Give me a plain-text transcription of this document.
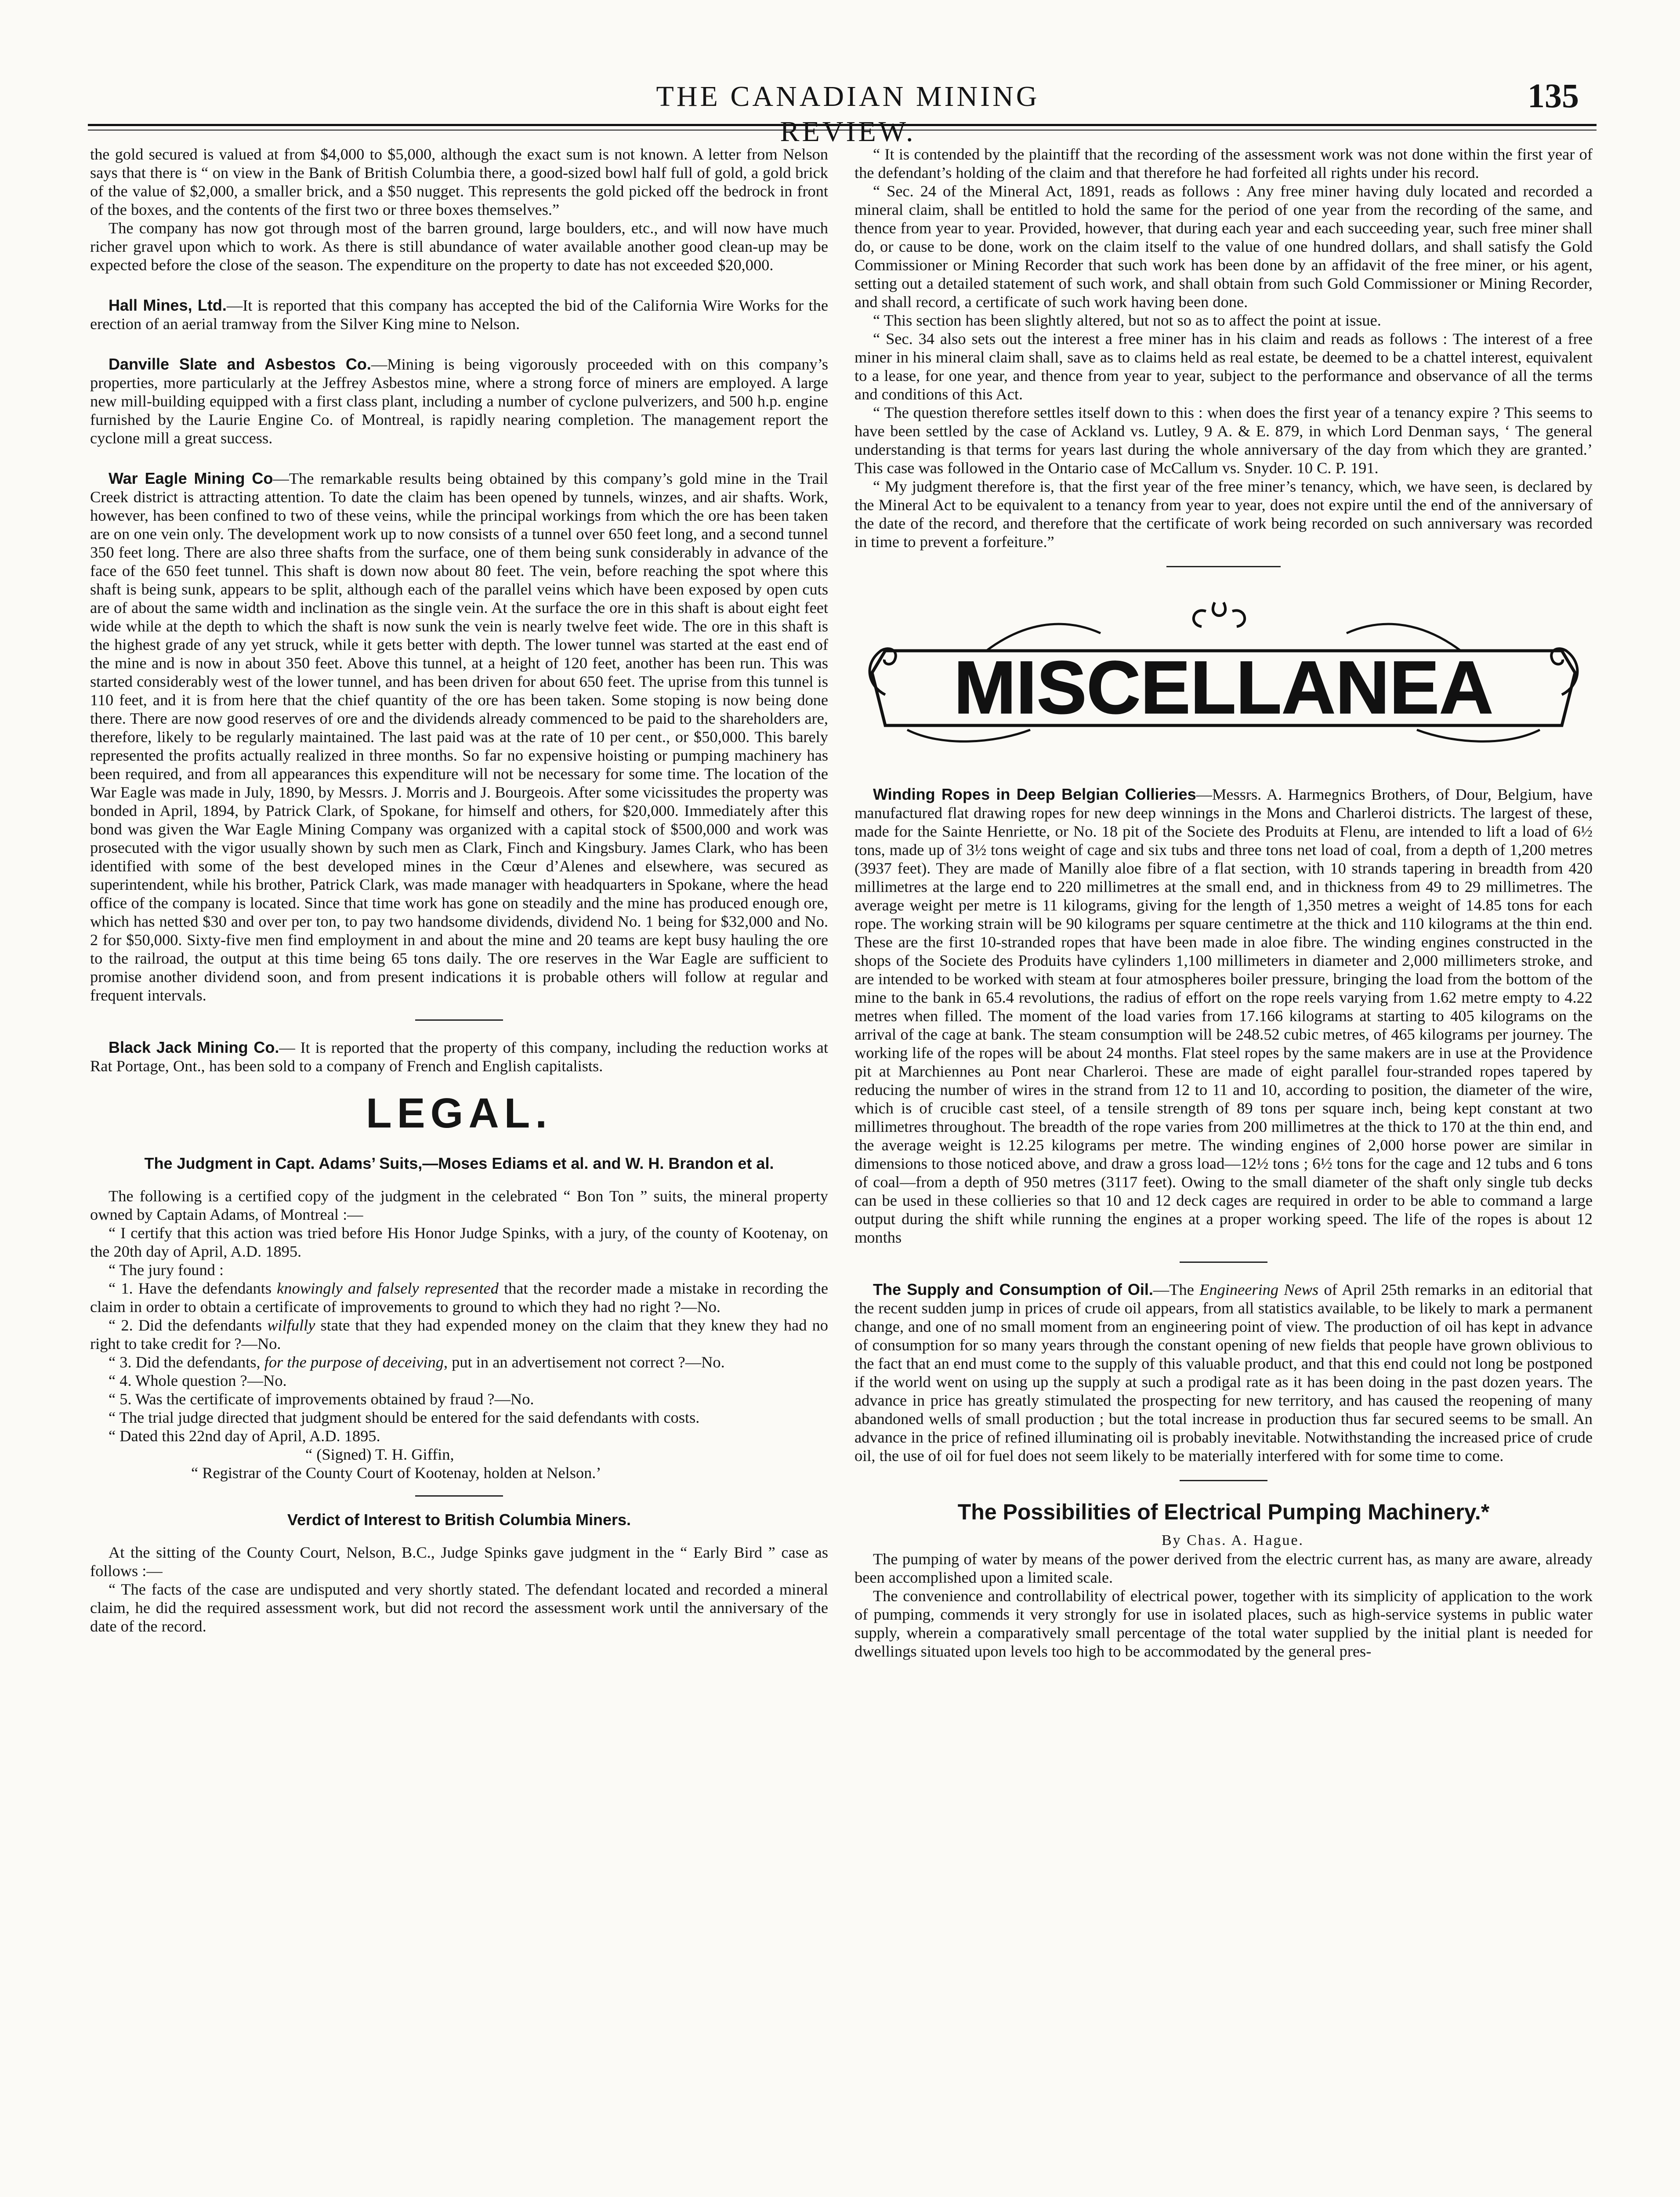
THE CANADIAN MINING REVIEW.
135

the gold secured is valued at from $4,000 to $5,000, although the exact sum is not known. A letter from Nelson says that there is “ on view in the Bank of British Columbia there, a good-sized bowl half full of gold, a gold brick of the value of $2,000, a smaller brick, and a $50 nugget. This represents the gold picked off the bedrock in front of the boxes, and the contents of the first two or three boxes themselves.”

The company has now got through most of the barren ground, large boulders, etc., and will now have much richer gravel upon which to work. As there is still abundance of water available another good clean-up may be expected before the close of the season. The expenditure on the property to date has not exceeded $20,000.

Hall Mines, Ltd.—It is reported that this company has accepted the bid of the California Wire Works for the erection of an aerial tramway from the Silver King mine to Nelson.

Danville Slate and Asbestos Co.—Mining is being vigorously proceeded with on this company’s properties, more particularly at the Jeffrey Asbestos mine, where a strong force of miners are employed. A large new mill-building equipped with a first class plant, including a number of cyclone pulverizers, and 500 h.p. engine furnished by the Laurie Engine Co. of Montreal, is rapidly nearing completion. The management report the cyclone mill a great success.

War Eagle Mining Co—The remarkable results being obtained by this company’s gold mine in the Trail Creek district is attracting attention. To date the claim has been opened by tunnels, winzes, and air shafts. Work, however, has been confined to two of these veins, while the principal workings from which the ore has been taken are on one vein only. The development work up to now consists of a tunnel over 650 feet long, and a second tunnel 350 feet long. There are also three shafts from the surface, one of them being sunk considerably in advance of the face of the 650 feet tunnel. This shaft is down now about 80 feet. The vein, before reaching the spot where this shaft is being sunk, appears to be split, although each of the parallel veins which have been exposed by open cuts are of about the same width and inclination as the single vein. At the surface the ore in this shaft is about eight feet wide while at the depth to which the shaft is now sunk the vein is nearly twelve feet wide. The ore in this shaft is the highest grade of any yet struck, while it gets better with depth. The lower tunnel was started at the east end of the mine and is now in about 350 feet. Above this tunnel, at a height of 120 feet, another has been run. This was started considerably west of the lower tunnel, and has been driven for about 650 feet. The uprise from this tunnel is 110 feet, and it is from here that the chief quantity of the ore has been taken. Some stoping is now being done there. There are now good reserves of ore and the dividends already commenced to be paid to the shareholders are, therefore, likely to be regularly maintained. The last paid was at the rate of 10 per cent., or $50,000. This barely represented the profits actually realized in three months. So far no expensive hoisting or pumping machinery has been required, and from all appearances this expenditure will not be necessary for some time. The location of the War Eagle was made in July, 1890, by Messrs. J. Morris and J. Bourgeois. After some vicissitudes the property was bonded in April, 1894, by Patrick Clark, of Spokane, for himself and others, for $20,000. Immediately after this bond was given the War Eagle Mining Company was organized with a capital stock of $500,000 and work was prosecuted with the vigor usually shown by such men as Clark, Finch and Kingsbury. James Clark, who has been identified with some of the best developed mines in the Cœur d’Alenes and elsewhere, was secured as superintendent, while his brother, Patrick Clark, was made manager with headquarters in Spokane, where the head office of the company is located. Since that time work has gone on steadily and the mine has produced enough ore, which has netted $30 and over per ton, to pay two handsome dividends, dividend No. 1 being for $32,000 and No. 2 for $50,000. Sixty-five men find employment in and about the mine and 20 teams are kept busy hauling the ore to the railroad, the output at this time being 65 tons daily. The ore reserves in the War Eagle are sufficient to promise another dividend soon, and from present indications it is probable others will follow at regular and frequent intervals.

Black Jack Mining Co.— It is reported that the property of this company, including the reduction works at Rat Portage, Ont., has been sold to a company of French and English capitalists.

LEGAL.
The Judgment in Capt. Adams’ Suits,—Moses Ediams et al. and W. H. Brandon et al.

The following is a certified copy of the judgment in the celebrated “ Bon Ton ” suits, the mineral property owned by Captain Adams, of Montreal :—

“ I certify that this action was tried before His Honor Judge Spinks, with a jury, of the county of Kootenay, on the 20th day of April, A.D. 1895.

“ The jury found :

“ 1. Have the defendants knowingly and falsely represented that the recorder made a mistake in recording the claim in order to obtain a certificate of improvements to ground to which they had no right ?—No.

“ 2. Did the defendants wilfully state that they had expended money on the claim that they knew they had no right to take credit for ?—No.

“ 3. Did the defendants, for the purpose of deceiving, put in an advertisement not correct ?—No.

“ 4. Whole question ?—No.

“ 5. Was the certificate of improvements obtained by fraud ?—No.

“ The trial judge directed that judgment should be entered for the said defendants with costs.

“ Dated this 22nd day of April, A.D. 1895.

“ (Signed) T. H. Giffin,

“ Registrar of the County Court of Kootenay, holden at Nelson.’

Verdict of Interest to British Columbia Miners.

At the sitting of the County Court, Nelson, B.C., Judge Spinks gave judgment in the “ Early Bird ” case as follows :—

“ The facts of the case are undisputed and very shortly stated. The defendant located and recorded a mineral claim, he did the required assessment work, but did not record the assessment work until the anniversary of the date of the record.

“ It is contended by the plaintiff that the recording of the assessment work was not done within the first year of the defendant’s holding of the claim and that therefore he had forfeited all rights under his record.

“ Sec. 24 of the Mineral Act, 1891, reads as follows : Any free miner having duly located and recorded a mineral claim, shall be entitled to hold the same for the period of one year from the recording of the same, and thence from year to year. Provided, however, that during each year and each succeeding year, such free miner shall do, or cause to be done, work on the claim itself to the value of one hundred dollars, and shall satisfy the Gold Commissioner or Mining Recorder that such work has been done by an affidavit of the free miner, or his agent, setting out a detailed statement of such work, and shall obtain from such Gold Commissioner or Mining Recorder, and shall record, a certificate of such work having been done.

“ This section has been slightly altered, but not so as to affect the point at issue.

“ Sec. 34 also sets out the interest a free miner has in his claim and reads as follows : The interest of a free miner in his mineral claim shall, save as to claims held as real estate, be deemed to be a chattel interest, equivalent to a lease, for one year, and thence from year to year, subject to the performance and observance of all the terms and conditions of this Act.

“ The question therefore settles itself down to this : when does the first year of a tenancy expire ? This seems to have been settled by the case of Ackland vs. Lutley, 9 A. & E. 879, in which Lord Denman says, ‘ The general understanding is that terms for years last during the whole anniversary of the day from which they are granted.’ This case was followed in the Ontario case of McCallum vs. Snyder. 10 C. P. 191.

“ My judgment therefore is, that the first year of the free miner’s tenancy, which, we have seen, is declared by the Mineral Act to be equivalent to a tenancy from year to year, does not expire until the end of the anniversary of the date of the record, and therefore that the certificate of work being recorded on such anniversary was recorded in time to prevent a forfeiture.”

MISCELLANEA

Winding Ropes in Deep Belgian Collieries—Messrs. A. Harmegnics Brothers, of Dour, Belgium, have manufactured flat drawing ropes for new deep winnings in the Mons and Charleroi districts. The largest of these, made for the Sainte Henriette, or No. 18 pit of the Societe des Produits at Flenu, are intended to lift a load of 6½ tons, made up of 3½ tons weight of cage and six tubs and three tons net load of coal, from a depth of 1,200 metres (3937 feet). They are made of Manilly aloe fibre of a flat section, with 10 strands tapering in breadth from 420 millimetres at the large end to 220 millimetres at the small end, and in thickness from 49 to 29 millimetres. The average weight per metre is 11 kilograms, giving for the length of 1,350 metres a weight of 14.85 tons for each rope. The working strain will be 90 kilograms per square centimetre at the thick and 110 kilograms at the thin end. These are the first 10-stranded ropes that have been made in aloe fibre. The winding engines constructed in the shops of the Societe des Produits have cylinders 1,100 millimeters in diameter and 2,000 millimeters stroke, and are intended to be worked with steam at four atmospheres boiler pressure, bringing the load from the bottom of the mine to the bank in 65.4 revolutions, the radius of effort on the rope reels varying from 1.62 metre empty to 4.22 metres when filled. The moment of the load varies from 17.166 kilograms at starting to 405 kilograms on the arrival of the cage at bank. The steam consumption will be 248.52 cubic metres, of 465 kilograms per journey. The working life of the ropes will be about 24 months. Flat steel ropes by the same makers are in use at the Providence pit at Marchiennes au Pont near Charleroi. These are made of eight parallel four-stranded ropes tapered by reducing the number of wires in the strand from 12 to 11 and 10, according to position, the diameter of the wire, which is of crucible cast steel, of a tensile strength of 89 tons per square inch, being kept constant at two millimetres throughout. The breadth of the rope varies from 200 millimetres at the thick to 170 at the thin end, and the average weight is 12.25 kilograms per metre. The winding engines of 2,000 horse power are similar in dimensions to those noticed above, and draw a gross load—12½ tons ; 6½ tons for the cage and 12 tubs and 6 tons of coal—from a depth of 950 metres (3117 feet). Owing to the small diameter of the shaft only single tub decks can be used in these collieries so that 10 and 12 deck cages are required in order to be able to command a large output during the shift while running the engines at a proper working speed. The life of the ropes is about 12 months

The Supply and Consumption of Oil.—The Engineering News of April 25th remarks in an editorial that the recent sudden jump in prices of crude oil appears, from all statistics available, to be likely to mark a permanent change, and one of no small moment from an engineering point of view. The production of oil has kept in advance of consumption for so many years through the constant opening of new fields that people have grown oblivious to the fact that an end must come to the supply of this valuable product, and that this end could not long be postponed if the world went on using up the supply at such a prodigal rate as it has been doing in the past dozen years. The advance in price has greatly stimulated the prospecting for new territory, and has caused the reopening of many abandoned wells of small production ; but the total increase in production thus far secured seems to be small. An advance in the price of refined illuminating oil is probably inevitable. Notwithstanding the increased price of crude oil, the use of oil for fuel does not seem likely to be materially interfered with for some time to come.

The Possibilities of Electrical Pumping Machinery.*

By Chas. A. Hague.

The pumping of water by means of the power derived from the electric current has, as many are aware, already been accomplished upon a limited scale.

The convenience and controllability of electrical power, together with its simplicity of application to the work of pumping, commends it very strongly for use in isolated places, such as high-service systems in public water supply, wherein a comparatively small percentage of the total water supplied by the initial plant is needed for dwellings situated upon levels too high to be accommodated by the general pres-
